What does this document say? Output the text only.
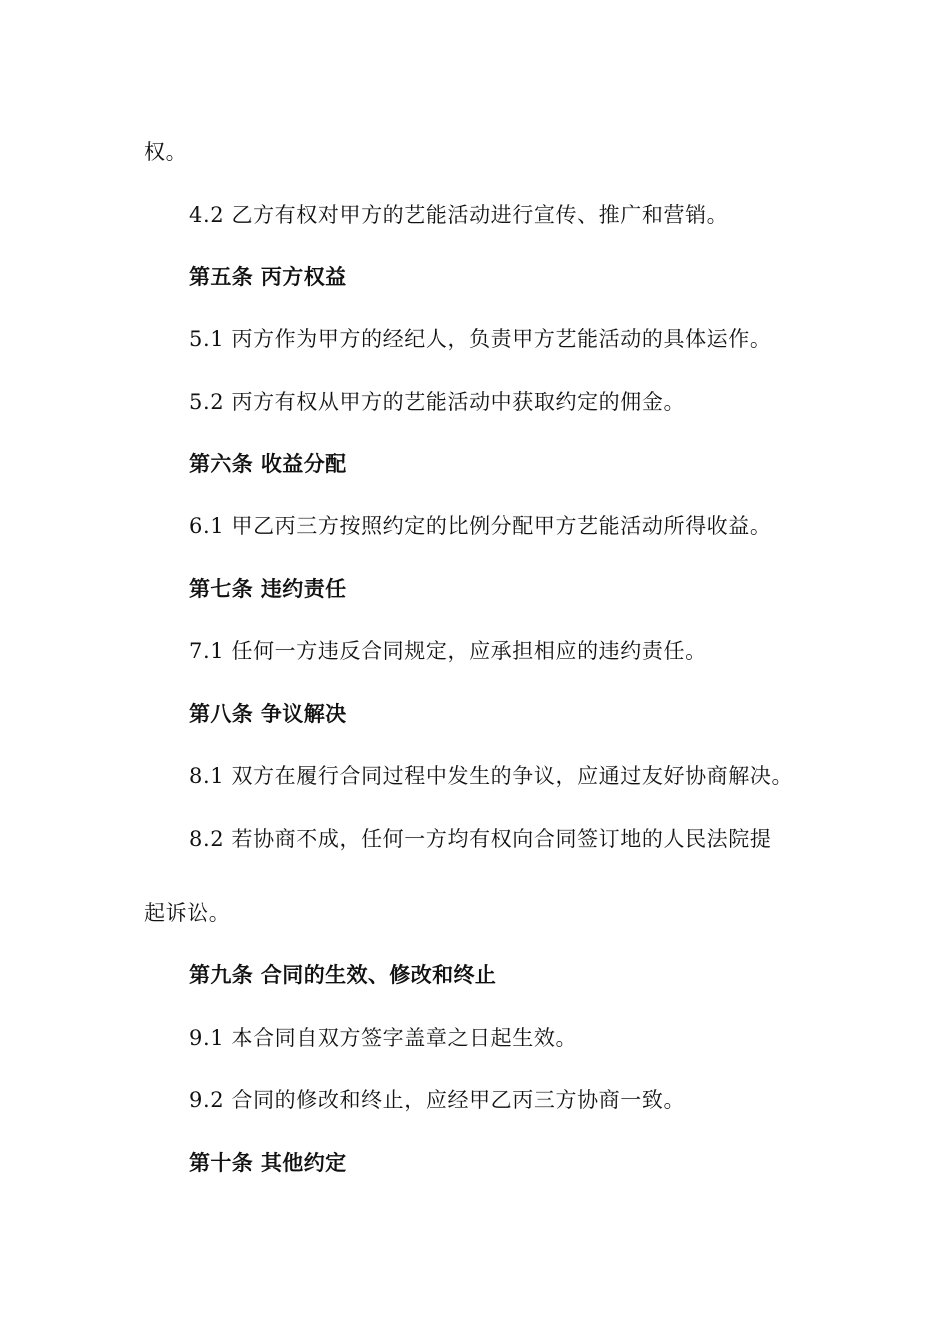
权。
4.2 乙方有权对甲方的艺能活动进行宣传、推广和营销。
第五条 丙方权益
5.1 丙方作为甲方的经纪人，负责甲方艺能活动的具体运作。
5.2 丙方有权从甲方的艺能活动中获取约定的佣金。
第六条 收益分配
6.1 甲乙丙三方按照约定的比例分配甲方艺能活动所得收益。
第七条 违约责任
7.1 任何一方违反合同规定，应承担相应的违约责任。
第八条 争议解决
8.1 双方在履行合同过程中发生的争议，应通过友好协商解决。
8.2 若协商不成，任何一方均有权向合同签订地的人民法院提
起诉讼。
第九条 合同的生效、修改和终止
9.1 本合同自双方签字盖章之日起生效。
9.2 合同的修改和终止，应经甲乙丙三方协商一致。
第十条 其他约定
